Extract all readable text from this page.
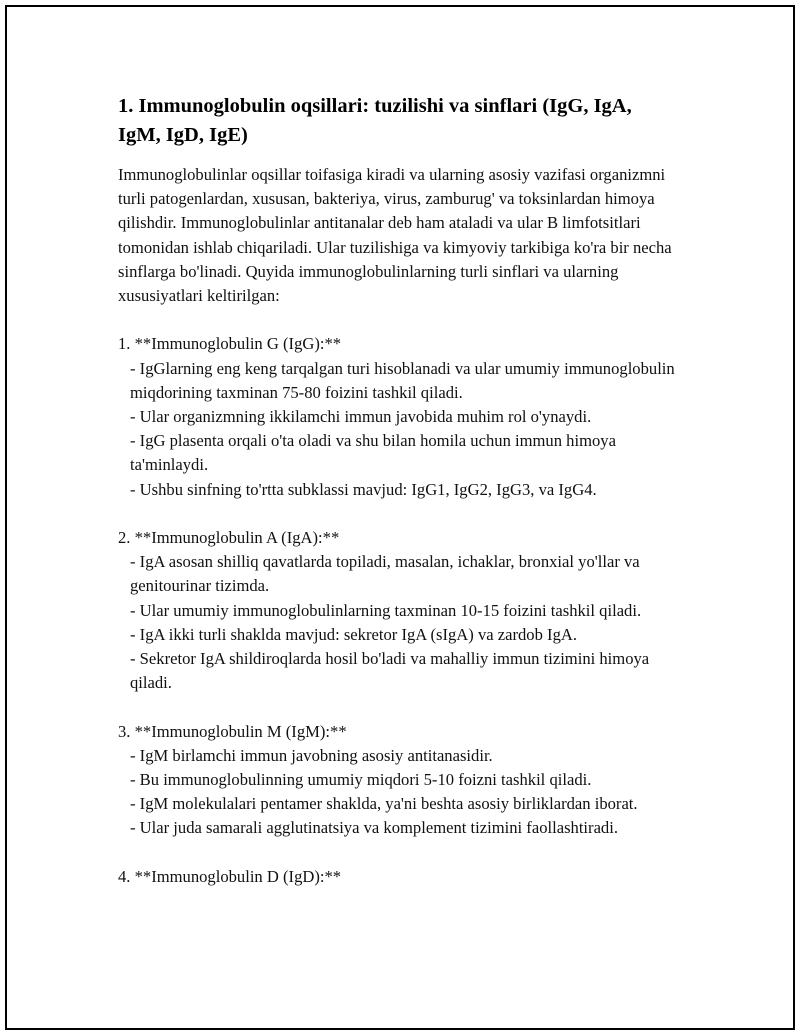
1. Immunoglobulin oqsillari: tuzilishi va sinflari (IgG, IgA, IgM, IgD, IgE)

Immunoglobulinlar oqsillar toifasiga kiradi va ularning asosiy vazifasi organizmni turli patogenlardan, xususan, bakteriya, virus, zamburug' va toksinlardan himoya qilishdir. Immunoglobulinlar antitanalar deb ham ataladi va ular B limfotsitlari tomonidan ishlab chiqariladi. Ular tuzilishiga va kimyoviy tarkibiga ko'ra bir necha sinflarga bo'linadi. Quyida immunoglobulinlarning turli sinflari va ularning xususiyatlari keltirilgan:

1. **Immunoglobulin G (IgG):**
- IgGlarning eng keng tarqalgan turi hisoblanadi va ular umumiy immunoglobulin miqdorining taxminan 75-80 foizini tashkil qiladi.
- Ular organizmning ikkilamchi immun javobida muhim rol o'ynaydi.
- IgG plasenta orqali o'ta oladi va shu bilan homila uchun immun himoya ta'minlaydi.
- Ushbu sinfning to'rtta subklassi mavjud: IgG1, IgG2, IgG3, va IgG4.
2. **Immunoglobulin A (IgA):**
- IgA asosan shilliq qavatlarda topiladi, masalan, ichaklar, bronxial yo'llar va genitourinar tizimda.
- Ular umumiy immunoglobulinlarning taxminan 10-15 foizini tashkil qiladi.
- IgA ikki turli shaklda mavjud: sekretor IgA (sIgA) va zardob IgA.
- Sekretor IgA shildiroqlarda hosil bo'ladi va mahalliy immun tizimini himoya qiladi.
3. **Immunoglobulin M (IgM):**
- IgM birlamchi immun javobning asosiy antitanasidir.
- Bu immunoglobulinning umumiy miqdori 5-10 foizni tashkil qiladi.
- IgM molekulalari pentamer shaklda, ya'ni beshta asosiy birliklardan iborat.
- Ular juda samarali agglutinatsiya va komplement tizimini faollashtiradi.
4. **Immunoglobulin D (IgD):**
